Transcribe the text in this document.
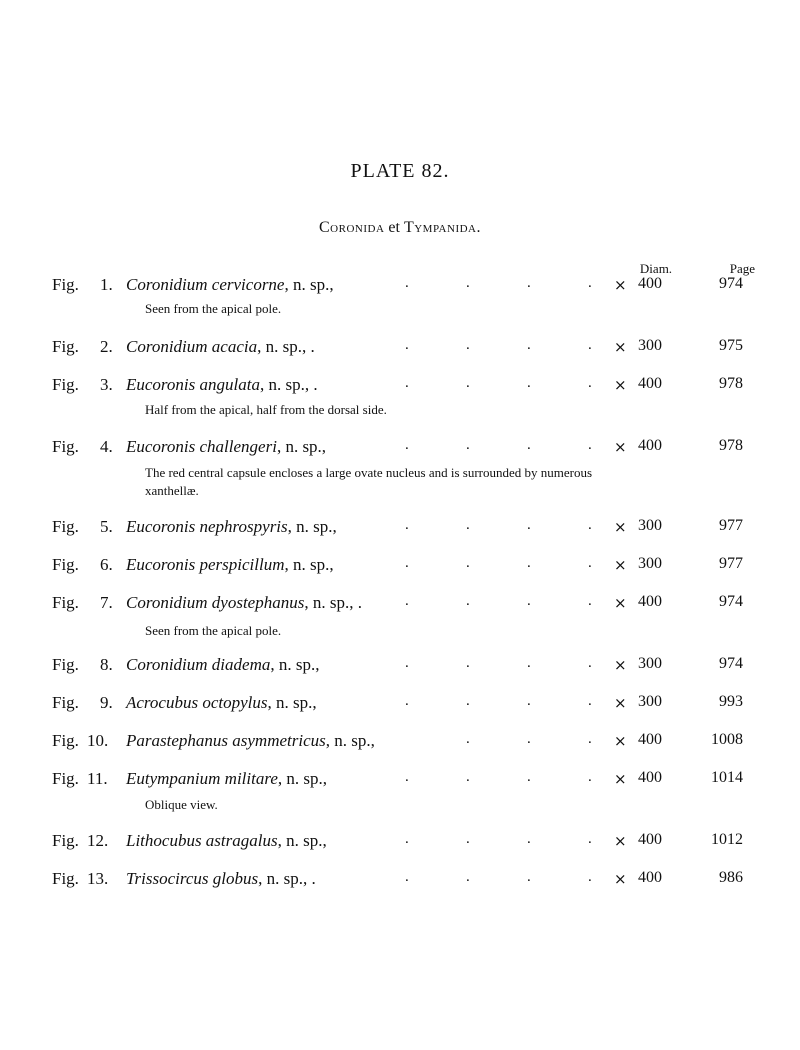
PLATE 82.
Coronida et Tympanida.
Diam.	Page
Fig. 1. Coronidium cervicorne, n. sp.,	× 400	974
.	.	.	.
Seen from the apical pole.
Fig. 2. Coronidium acacia, n. sp., .	× 300	975
.	.	.	.
Fig. 3. Eucoronis angulata, n. sp., .	× 400	978
.	.	.	.
Half from the apical, half from the dorsal side.
Fig. 4. Eucoronis challengeri, n. sp.,	× 400	978
.	.	.	.
The red central capsule encloses a large ovate nucleus and is surrounded by numerous xanthellæ.
Fig. 5. Eucoronis nephrospyris, n. sp.,	× 300	977
.	.	.	.
Fig. 6. Eucoronis perspicillum, n. sp.,	× 300	977
.	.	.	.
Fig. 7. Coronidium dyostephanus, n. sp., .	× 400	974
.	.	.	.
Seen from the apical pole.
Fig. 8. Coronidium diadema, n. sp.,	× 300	974
.	.	.	.
Fig. 9. Acrocubus octopylus, n. sp.,	× 300	993
.	.	.	.
Fig. 10. Parastephanus asymmetricus, n. sp.,	× 400	1008
.	.	.
Fig. 11. Eutympanium militare, n. sp.,	× 400	1014
.	.	.	.
Oblique view.
Fig. 12. Lithocubus astragalus, n. sp.,	× 400	1012
.	.	.	.
Fig. 13. Trissocircus globus, n. sp., .	× 400	986
.	.	.	.
